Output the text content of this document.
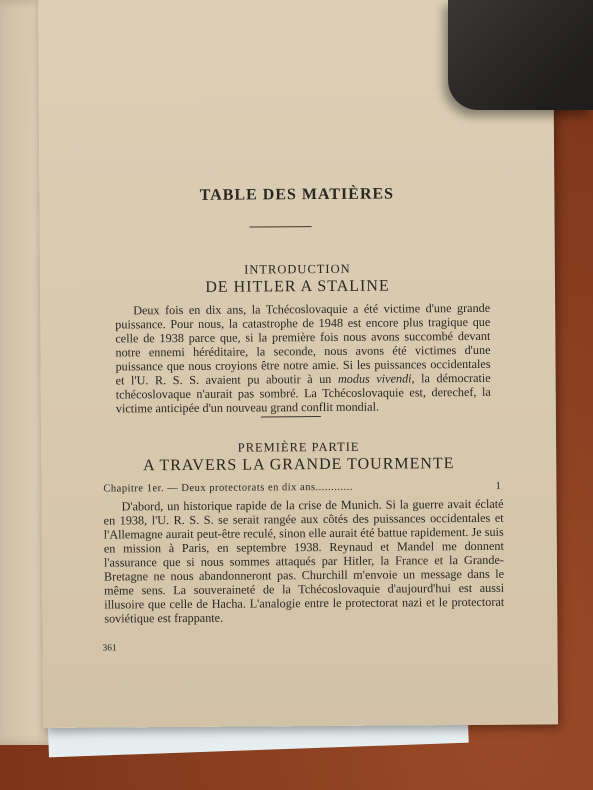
TABLE DES MATIÈRES
INTRODUCTION
DE HITLER A STALINE

Deux fois en dix ans, la Tchécoslovaquie a été victime d'une grande puissance. Pour nous, la catastrophe de 1948 est encore plus tragique que celle de 1938 parce que, si la première fois nous avons succombé devant notre ennemi héréditaire, la seconde, nous avons été victimes d'une puissance que nous croyions être notre amie. Si les puissances occidentales et l'U. R. S. S. avaient pu aboutir à un modus vivendi, la démocratie tchécoslovaque n'aurait pas sombré. La Tchécoslovaquie est, derechef, la victime anticipée d'un nouveau grand conflit mondial.

PREMIÈRE PARTIE
A TRAVERS LA GRANDE TOURMENTE
Chapitre 1er. — Deux protectorats en dix ans............	1

D'abord, un historique rapide de la crise de Munich. Si la guerre avait éclaté en 1938, l'U. R. S. S. se serait rangée aux côtés des puissances occidentales et l'Allemagne aurait peut-être reculé, sinon elle aurait été battue rapidement. Je suis en mission à Paris, en septembre 1938. Reynaud et Mandel me donnent l'assurance que si nous sommes attaqués par Hitler, la France et la Grande-Bretagne ne nous abandonneront pas. Churchill m'envoie un message dans le même sens. La souveraineté de la Tchécoslovaquie d'aujourd'hui est aussi illusoire que celle de Hacha. L'analogie entre le protectorat nazi et le protectorat soviétique est frappante.

361
